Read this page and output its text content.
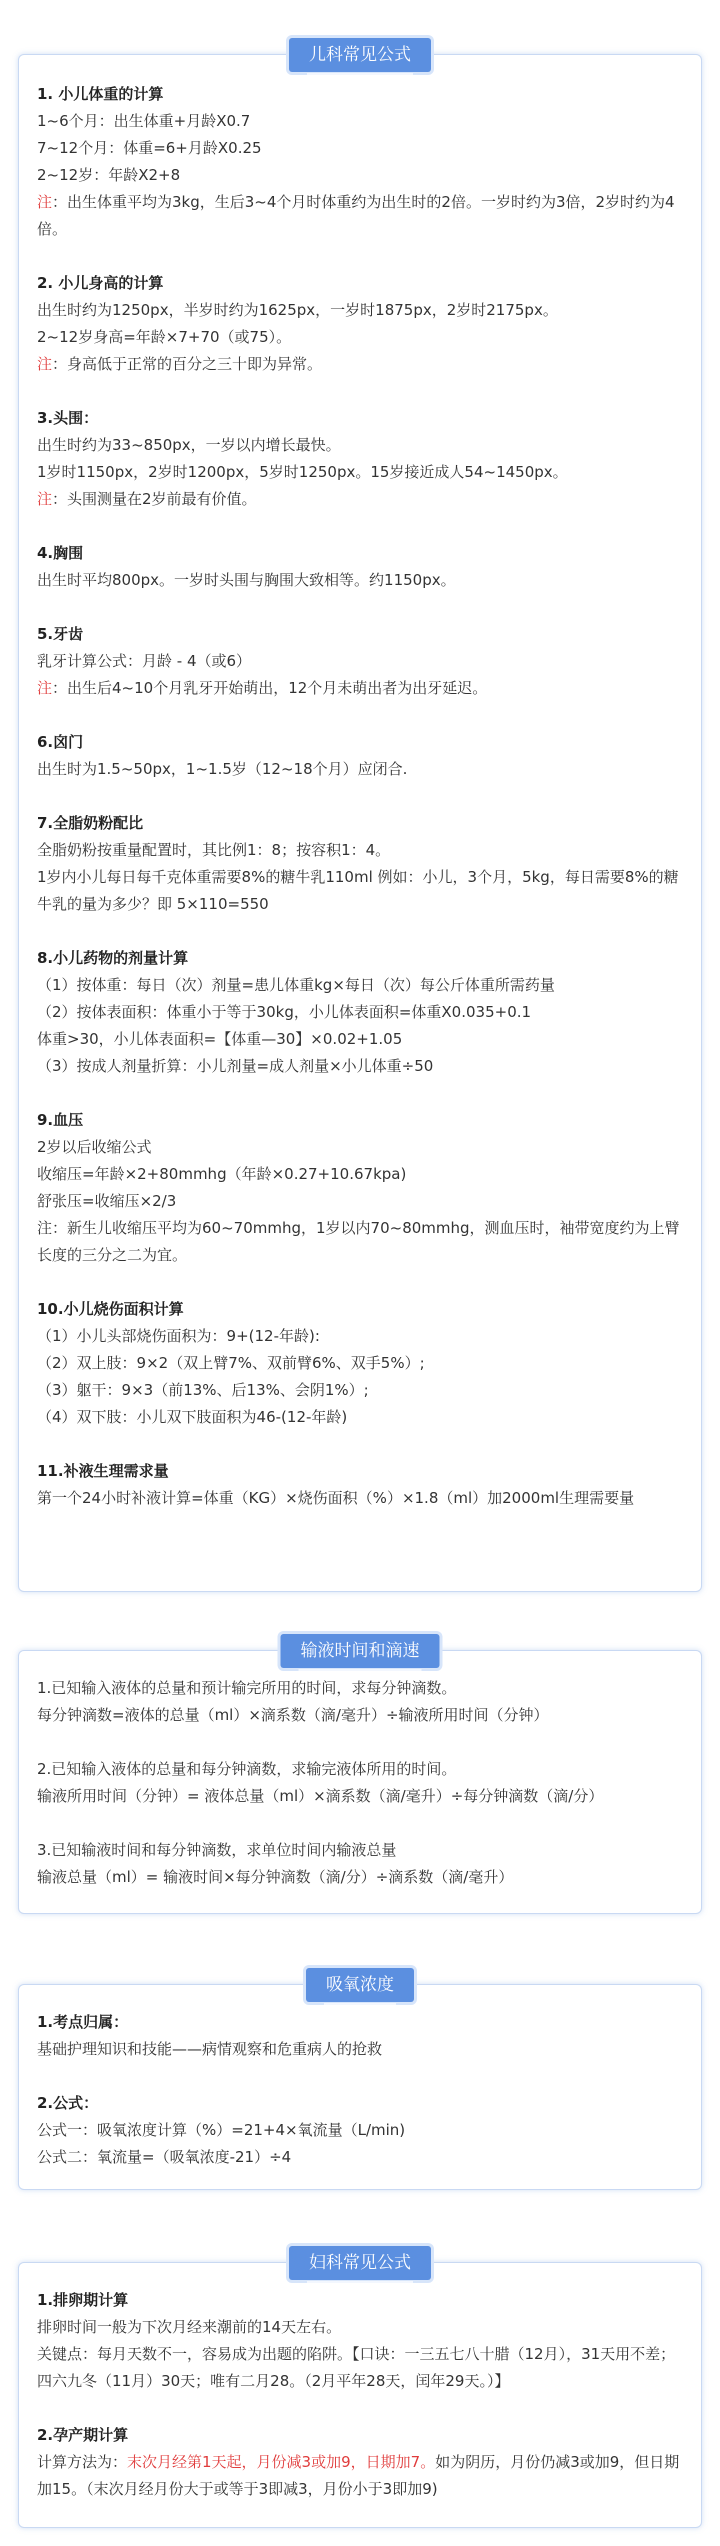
儿科常见公式

1. 小儿体重的计算

1~6个月：出生体重+月龄X0.7

7~12个月：体重=6+月龄X0.25

2~12岁：年龄X2+8

注：出生体重平均为3kg，生后3~4个月时体重约为出生时的2倍。一岁时约为3倍，2岁时约为4倍。

2. 小儿身高的计算

出生时约为1250px，半岁时约为1625px，一岁时1875px，2岁时2175px。

2~12岁身高=年龄×7+70（或75）。

注：身高低于正常的百分之三十即为异常。

3.头围：

出生时约为33~850px，一岁以内增长最快。

1岁时1150px，2岁时1200px，5岁时1250px。15岁接近成人54~1450px。

注：头围测量在2岁前最有价值。

4.胸围

出生时平均800px。一岁时头围与胸围大致相等。约1150px。

5.牙齿

乳牙计算公式：月龄 - 4（或6）

注：出生后4~10个月乳牙开始萌出，12个月未萌出者为出牙延迟。

6.囟门

出生时为1.5~50px，1~1.5岁（12~18个月）应闭合.

7.全脂奶粉配比

全脂奶粉按重量配置时，其比例1：8；按容积1：4。

1岁内小儿每日每千克体重需要8%的糖牛乳110ml 例如：小儿，3个月，5kg，每日需要8%的糖牛乳的量为多少？即 5×110=550

8.小儿药物的剂量计算

（1）按体重：每日（次）剂量=患儿体重kg×每日（次）每公斤体重所需药量

（2）按体表面积：体重小于等于30kg，小儿体表面积=体重X0.035+0.1

体重>30，小儿体表面积=【体重—30】×0.02+1.05

（3）按成人剂量折算：小儿剂量=成人剂量×小儿体重÷50

9.血压

2岁以后收缩公式

收缩压=年龄×2+80mmhg（年龄×0.27+10.67kpa)

舒张压=收缩压×2/3

注：新生儿收缩压平均为60~70mmhg，1岁以内70~80mmhg，测血压时，袖带宽度约为上臂长度的三分之二为宜。

10.小儿烧伤面积计算

（1）小儿头部烧伤面积为：9+(12-年龄):

（2）双上肢：9×2（双上臂7%、双前臂6%、双手5%）;

（3）躯干：9×3（前13%、后13%、会阴1%）;

（4）双下肢：小儿双下肢面积为46-(12-年龄)

11.补液生理需求量

第一个24小时补液计算=体重（KG）×烧伤面积（%）×1.8（ml）加2000ml生理需要量

输液时间和滴速

1.已知输入液体的总量和预计输完所用的时间，求每分钟滴数。

每分钟滴数=液体的总量（ml）×滴系数（滴/毫升）÷输液所用时间（分钟）

2.已知输入液体的总量和每分钟滴数，求输完液体所用的时间。

输液所用时间（分钟）= 液体总量（ml）×滴系数（滴/毫升）÷每分钟滴数（滴/分）

3.已知输液时间和每分钟滴数，求单位时间内输液总量

输液总量（ml）= 输液时间×每分钟滴数（滴/分）÷滴系数（滴/毫升）

吸氧浓度

1.考点归属：

基础护理知识和技能——病情观察和危重病人的抢救

2.公式：

公式一：吸氧浓度计算（%）=21+4×氧流量（L/min)

公式二：氧流量=（吸氧浓度-21）÷4

妇科常见公式

1.排卵期计算

排卵时间一般为下次月经来潮前的14天左右。

关键点：每月天数不一，容易成为出题的陷阱。【口诀：一三五七八十腊（12月），31天用不差；四六九冬（11月）30天；唯有二月28。（2月平年28天，闰年29天。）】

2.孕产期计算

计算方法为：末次月经第1天起，月份减3或加9，日期加7。如为阴历，月份仍减3或加9，但日期加15。（末次月经月份大于或等于3即减3，月份小于3即加9)
